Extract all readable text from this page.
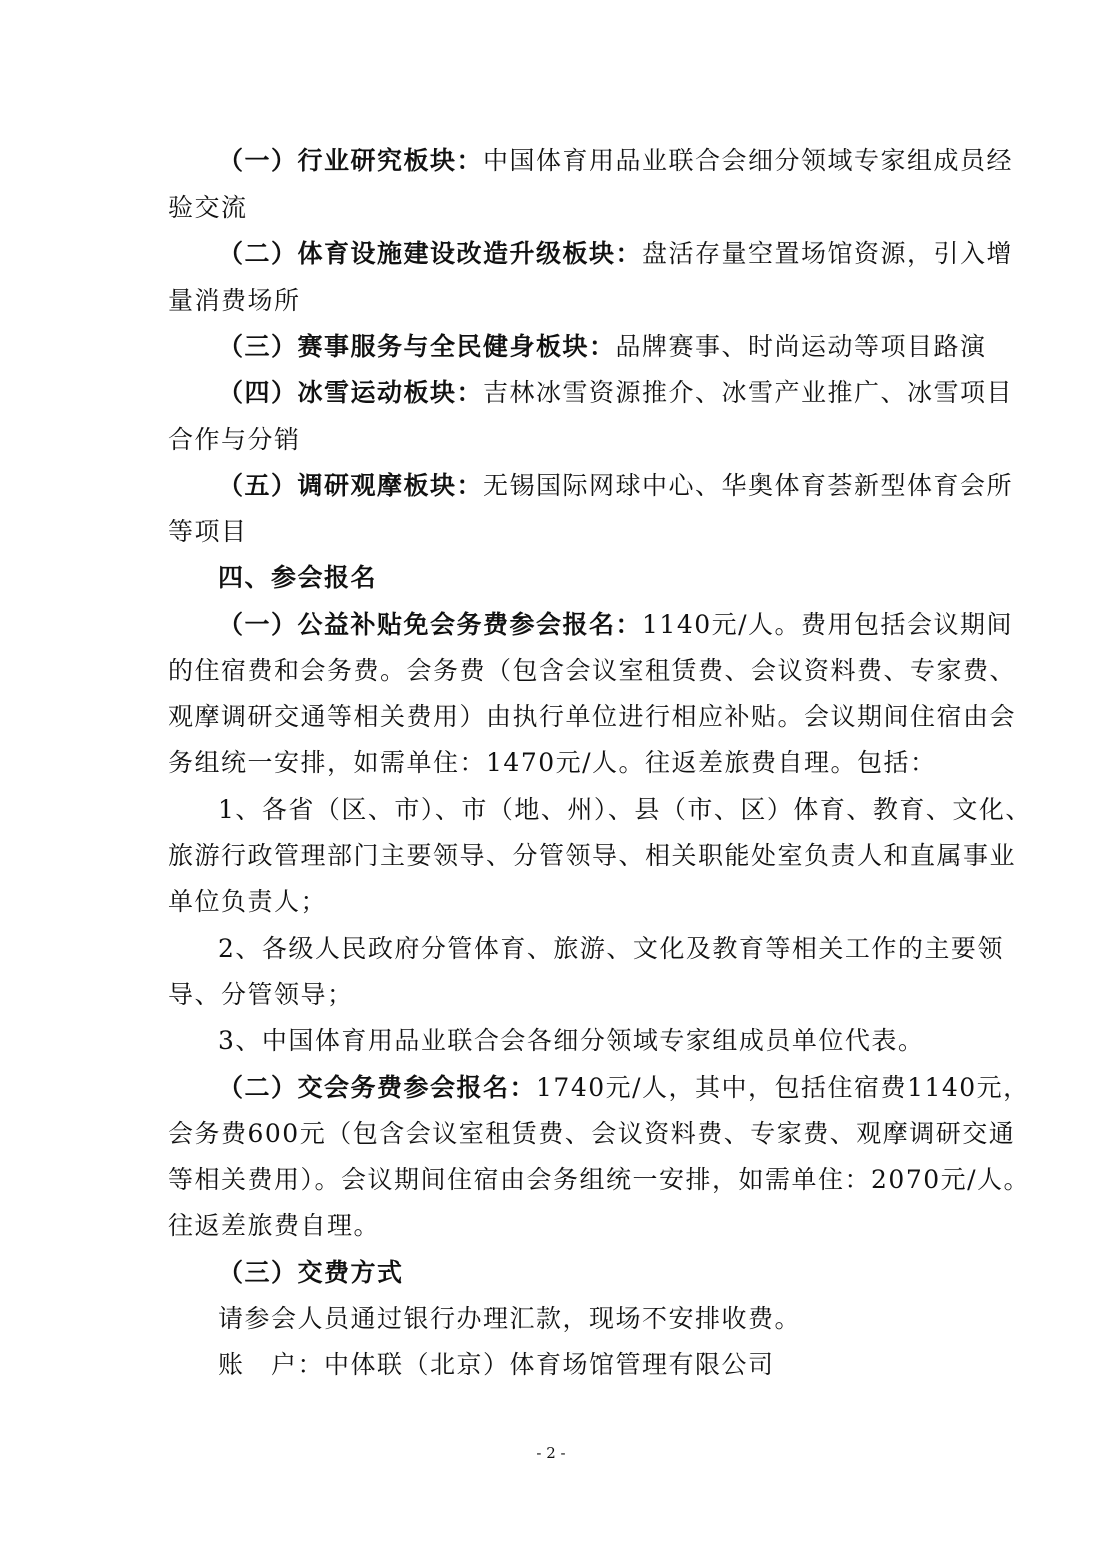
（一）行业研究板块：中国体育用品业联合会细分领域专家组成员经
验交流
（二）体育设施建设改造升级板块：盘活存量空置场馆资源，引入增
量消费场所
（三）赛事服务与全民健身板块：品牌赛事、时尚运动等项目路演
（四）冰雪运动板块：吉林冰雪资源推介、冰雪产业推广、冰雪项目
合作与分销
（五）调研观摩板块：无锡国际网球中心、华奥体育荟新型体育会所
等项目
四、参会报名
（一）公益补贴免会务费参会报名：1140元/人。费用包括会议期间
的住宿费和会务费。会务费（包含会议室租赁费、会议资料费、专家费、
观摩调研交通等相关费用）由执行单位进行相应补贴。会议期间住宿由会
务组统一安排，如需单住：1470元/人。往返差旅费自理。包括：
1、各省（区、市）、市（地、州）、县（市、区）体育、教育、文化、
旅游行政管理部门主要领导、分管领导、相关职能处室负责人和直属事业
单位负责人；
2、各级人民政府分管体育、旅游、文化及教育等相关工作的主要领
导、分管领导；
3、中国体育用品业联合会各细分领域专家组成员单位代表。
（二）交会务费参会报名：1740元/人，其中，包括住宿费1140元，
会务费600元（包含会议室租赁费、会议资料费、专家费、观摩调研交通
等相关费用）。会议期间住宿由会务组统一安排，如需单住：2070元/人。
往返差旅费自理。
（三）交费方式
请参会人员通过银行办理汇款，现场不安排收费。
账　户：中体联（北京）体育场馆管理有限公司
- 2 -
